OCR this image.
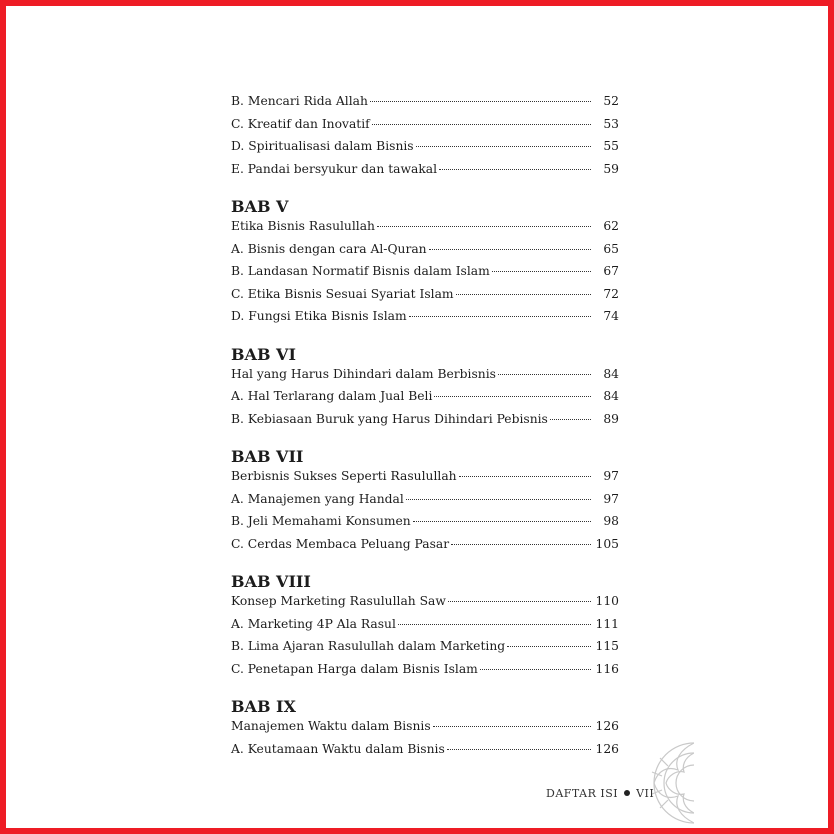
B. Mencari Rida Allah	52
C. Kreatif dan Inovatif	53
D. Spiritualisasi dalam Bisnis	55
E. Pandai bersyukur dan tawakal	59
BAB V
Etika Bisnis Rasulullah	62
A. Bisnis dengan cara Al-Quran	65
B. Landasan Normatif Bisnis dalam Islam	67
C. Etika Bisnis Sesuai Syariat Islam	72
D. Fungsi Etika Bisnis Islam	74
BAB VI
Hal yang Harus Dihindari dalam Berbisnis	84
A. Hal Terlarang dalam Jual Beli	84
B. Kebiasaan Buruk yang Harus Dihindari Pebisnis	89
BAB VII
Berbisnis Sukses Seperti Rasulullah	97
A. Manajemen yang Handal	97
B. Jeli Memahami Konsumen	98
C. Cerdas Membaca Peluang Pasar	105
BAB VIII
Konsep Marketing Rasulullah Saw	110
A. Marketing 4P Ala Rasul	111
B. Lima Ajaran Rasulullah dalam Marketing	115
C. Penetapan Harga dalam Bisnis Islam	116
BAB IX
Manajemen Waktu dalam Bisnis	126
A. Keutamaan Waktu dalam Bisnis	126
DAFTAR ISI VII
